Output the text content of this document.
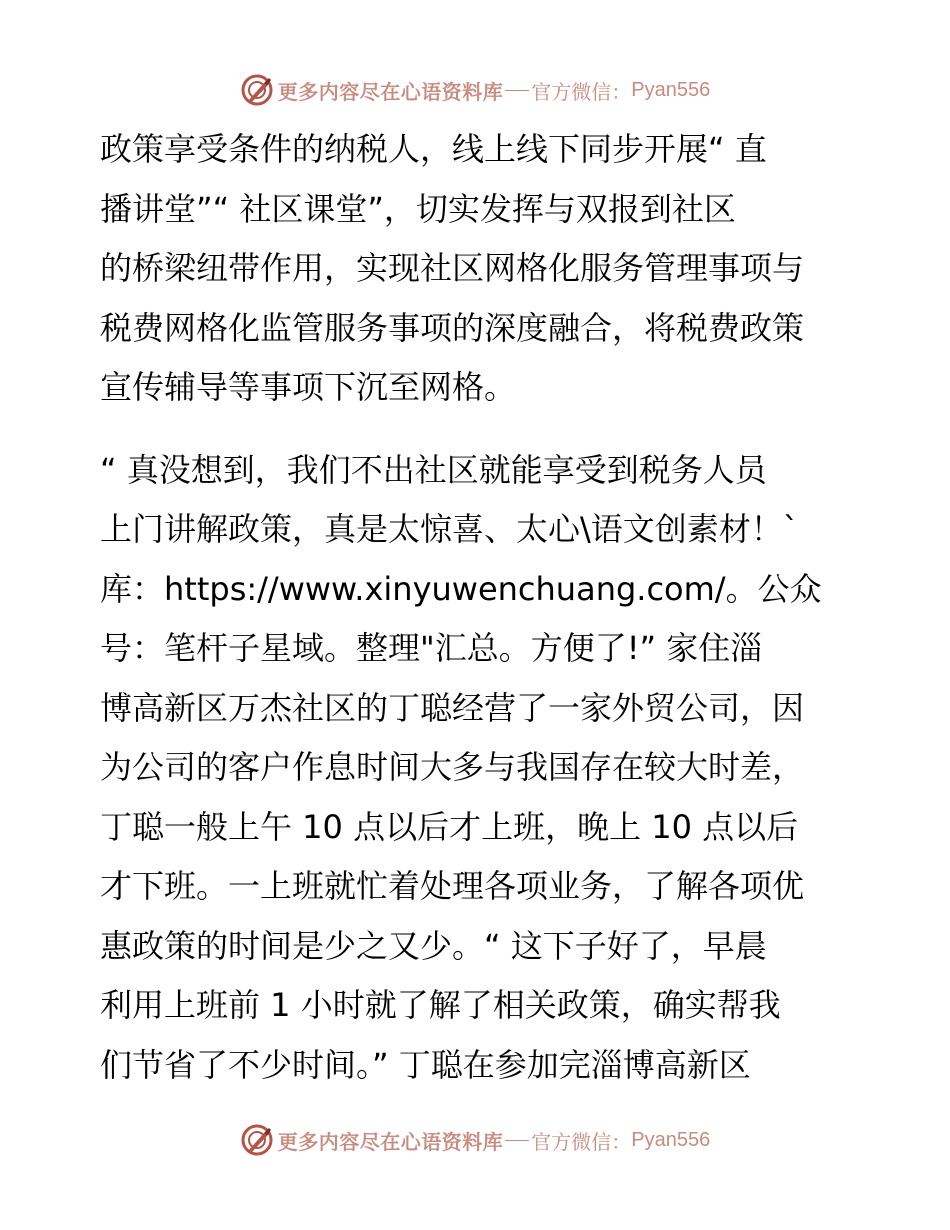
更多内容尽在心语资料库 官方微信： Pyan556
政策享受条件的纳税人，线上线下同步开展“ 直
播讲堂”“ 社区课堂”，切实发挥与双报到社区
的桥梁纽带作用，实现社区网格化服务管理事项与
税费网格化监管服务事项的深度融合，将税费政策
宣传辅导等事项下沉至网格。
“ 真没想到，我们不出社区就能享受到税务人员
上门讲解政策，真是太惊喜、太心\语文创素材！`
库：https://www.xinyuwenchuang.com/。公众
号：笔杆子星域。整理"汇总。方便了!” 家住淄
博高新区万杰社区的丁聪经营了一家外贸公司，因
为公司的客户作息时间大多与我国存在较大时差，
丁聪一般上午 10 点以后才上班，晚上 10 点以后
才下班。一上班就忙着处理各项业务，了解各项优
惠政策的时间是少之又少。“ 这下子好了，早晨
利用上班前 1 小时就了解了相关政策，确实帮我
们节省了不少时间。” 丁聪在参加完淄博高新区
更多内容尽在心语资料库 官方微信： Pyan556
